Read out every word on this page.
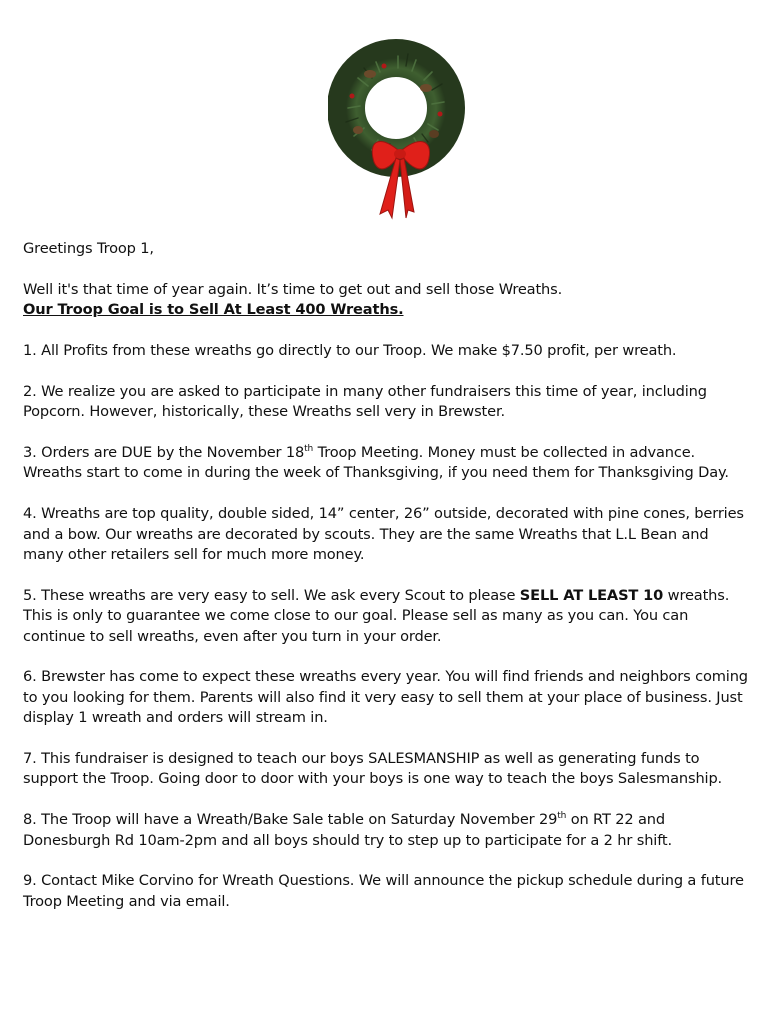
Greetings Troop 1,

Well it's that time of year again. It’s time to get out and sell those Wreaths.
Our Troop Goal is to Sell At Least 400 Wreaths.

1. All Profits from these wreaths go directly to our Troop. We make $7.50 profit, per wreath.

2. We realize you are asked to participate in many other fundraisers this time of year, including Popcorn. However, historically, these Wreaths sell very in Brewster.

3. Orders are DUE by the November 18th Troop Meeting. Money must be collected in advance. Wreaths start to come in during the week of Thanksgiving, if you need them for Thanksgiving Day.

4. Wreaths are top quality, double sided, 14” center, 26” outside, decorated with pine cones, berries and a bow. Our wreaths are decorated by scouts. They are the same Wreaths that L.L Bean and many other retailers sell for much more money.

5. These wreaths are very easy to sell. We ask every Scout to please SELL AT LEAST 10 wreaths. This is only to guarantee we come close to our goal. Please sell as many as you can. You can continue to sell wreaths, even after you turn in your order.

6. Brewster has come to expect these wreaths every year. You will find friends and neighbors coming to you looking for them. Parents will also find it very easy to sell them at your place of business. Just display 1 wreath and orders will stream in.

7. This fundraiser is designed to teach our boys SALESMANSHIP as well as generating funds to support the Troop. Going door to door with your boys is one way to teach the boys Salesmanship.

8. The Troop will have a Wreath/Bake Sale table on Saturday November 29th on RT 22 and Donesburgh Rd 10am-2pm and all boys should try to step up to participate for a 2 hr shift.

9. Contact Mike Corvino for Wreath Questions. We will announce the pickup schedule during a future Troop Meeting and via email.
